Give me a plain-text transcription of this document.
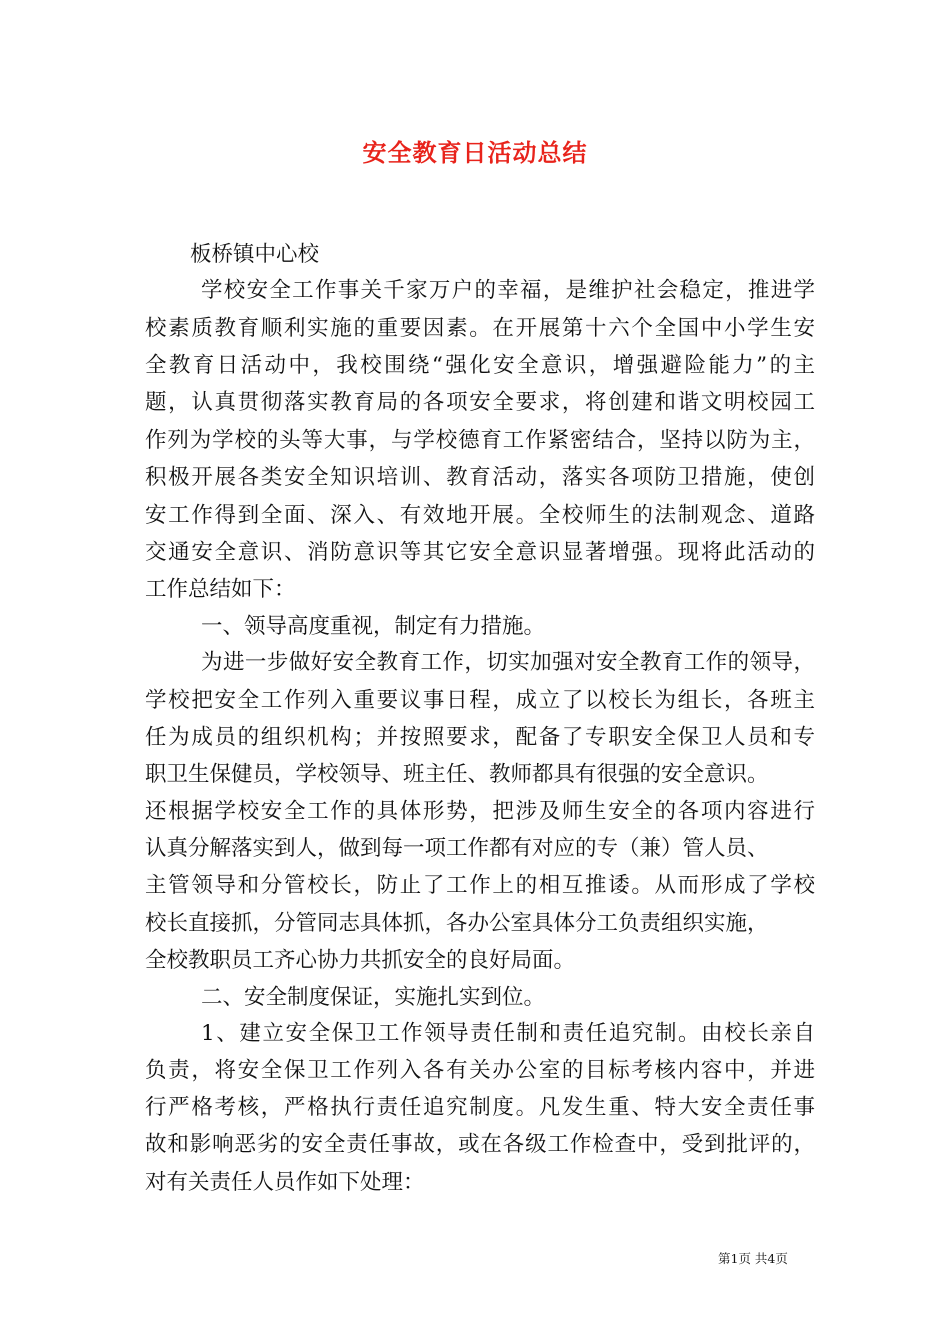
安全教育日活动总结
板桥镇中心校
学校安全工作事关千家万户的幸福，是维护社会稳定，推进学
校素质教育顺利实施的重要因素。在开展第十六个全国中小学生安
全教育日活动中，我校围绕“强化安全意识，增强避险能力”的主
题，认真贯彻落实教育局的各项安全要求，将创建和谐文明校园工
作列为学校的头等大事，与学校德育工作紧密结合，坚持以防为主，
积极开展各类安全知识培训、教育活动，落实各项防卫措施，使创
安工作得到全面、深入、有效地开展。全校师生的法制观念、道路
交通安全意识、消防意识等其它安全意识显著增强。现将此活动的
工作总结如下：
一、领导高度重视，制定有力措施。
为进一步做好安全教育工作，切实加强对安全教育工作的领导，
学校把安全工作列入重要议事日程，成立了以校长为组长，各班主
任为成员的组织机构；并按照要求，配备了专职安全保卫人员和专
职卫生保健员，学校领导、班主任、教师都具有很强的安全意识。
还根据学校安全工作的具体形势，把涉及师生安全的各项内容进行
认真分解落实到人，做到每一项工作都有对应的专（兼）管人员、
主管领导和分管校长，防止了工作上的相互推诿。从而形成了学校
校长直接抓，分管同志具体抓，各办公室具体分工负责组织实施，
全校教职员工齐心协力共抓安全的良好局面。
二、安全制度保证，实施扎实到位。
1、建立安全保卫工作领导责任制和责任追究制。由校长亲自
负责，将安全保卫工作列入各有关办公室的目标考核内容中，并进
行严格考核，严格执行责任追究制度。凡发生重、特大安全责任事
故和影响恶劣的安全责任事故，或在各级工作检查中，受到批评的，
对有关责任人员作如下处理：
第1页 共4页
